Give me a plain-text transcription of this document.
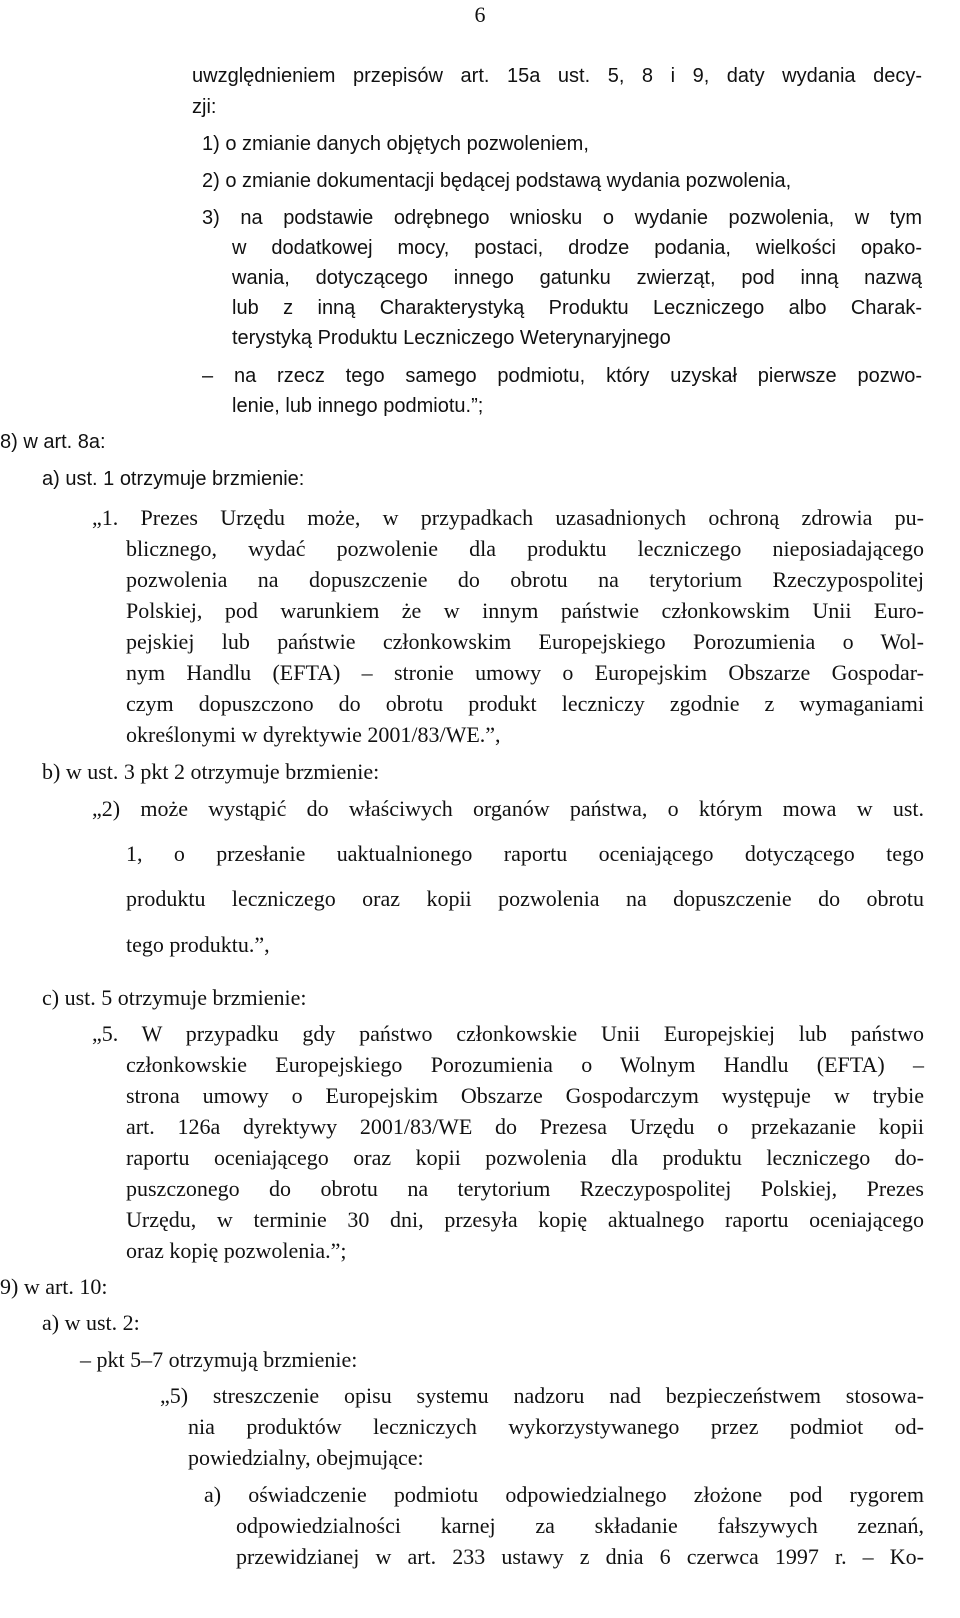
6
uwzględnieniem przepisów art. 15a ust. 5, 8 i 9, daty wydania decy-
zji:
1) o zmianie danych objętych pozwoleniem,
2) o zmianie dokumentacji będącej podstawą wydania pozwolenia,
3) na podstawie odrębnego wniosku o wydanie pozwolenia, w tym
w dodatkowej mocy, postaci, drodze podania, wielkości opako-
wania, dotyczącego innego gatunku zwierząt, pod inną nazwą
lub z inną Charakterystyką Produktu Leczniczego albo Charak-
terystyką Produktu Leczniczego Weterynaryjnego
– na rzecz tego samego podmiotu, który uzyskał pierwsze pozwo-
lenie, lub innego podmiotu.”;
8) w art. 8a:
a) ust. 1 otrzymuje brzmienie:
„1. Prezes Urzędu może, w przypadkach uzasadnionych ochroną zdrowia pu-
blicznego, wydać pozwolenie dla produktu leczniczego nieposiadającego
pozwolenia na dopuszczenie do obrotu na terytorium Rzeczypospolitej
Polskiej, pod warunkiem że w innym państwie członkowskim Unii Euro-
pejskiej lub państwie członkowskim Europejskiego Porozumienia o Wol-
nym Handlu (EFTA) – stronie umowy o Europejskim Obszarze Gospodar-
czym dopuszczono do obrotu produkt leczniczy zgodnie z wymaganiami
określonymi w dyrektywie 2001/83/WE.”,
b) w ust. 3 pkt 2 otrzymuje brzmienie:
„2) może wystąpić do właściwych organów państwa, o którym mowa w ust.
1, o przesłanie uaktualnionego raportu oceniającego dotyczącego tego
produktu leczniczego oraz kopii pozwolenia na dopuszczenie do obrotu
tego produktu.”,
c) ust. 5 otrzymuje brzmienie:
„5. W przypadku gdy państwo członkowskie Unii Europejskiej lub państwo
członkowskie Europejskiego Porozumienia o Wolnym Handlu (EFTA) –
strona umowy o Europejskim Obszarze Gospodarczym występuje w trybie
art. 126a dyrektywy 2001/83/WE do Prezesa Urzędu o przekazanie kopii
raportu oceniającego oraz kopii pozwolenia dla produktu leczniczego do-
puszczonego do obrotu na terytorium Rzeczypospolitej Polskiej, Prezes
Urzędu, w terminie 30 dni, przesyła kopię aktualnego raportu oceniającego
oraz kopię pozwolenia.”;
9) w art. 10:
a) w ust. 2:
– pkt 5–7 otrzymują brzmienie:
„5) streszczenie opisu systemu nadzoru nad bezpieczeństwem stosowa-
nia produktów leczniczych wykorzystywanego przez podmiot od-
powiedzialny, obejmujące:
a) oświadczenie podmiotu odpowiedzialnego złożone pod rygorem
odpowiedzialności karnej za składanie fałszywych zeznań,
przewidzianej w art. 233 ustawy z dnia 6 czerwca 1997 r. – Ko-
